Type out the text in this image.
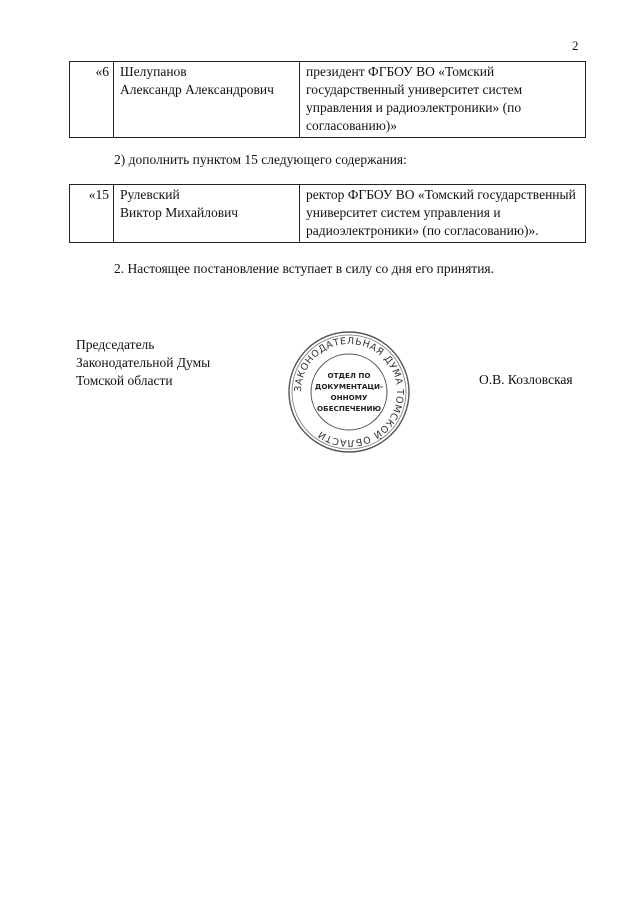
2
«6	Шелупанов
Александр Александрович

президент ФГБОУ ВО «Томский
государственный университет систем
управления и радиоэлектроники» (по
согласованию)»
2) дополнить пунктом 15 следующего содержания:
«15	Рулевский
Виктор Михайлович

ректор ФГБОУ ВО «Томский государственный
университет систем управления и
радиоэлектроники» (по согласованию)».
2. Настоящее постановление вступает в силу со дня его принятия.
Председатель
Законодательной Думы
Томской области
ЗАКОНОДАТЕЛЬНАЯ ДУМА ТОМСКОЙ ОБЛАСТИ
ОТДЕЛ ПО
ДОКУМЕНТАЦИ-
ОННОМУ
ОБЕСПЕЧЕНИЮ
О.В. Козловская
